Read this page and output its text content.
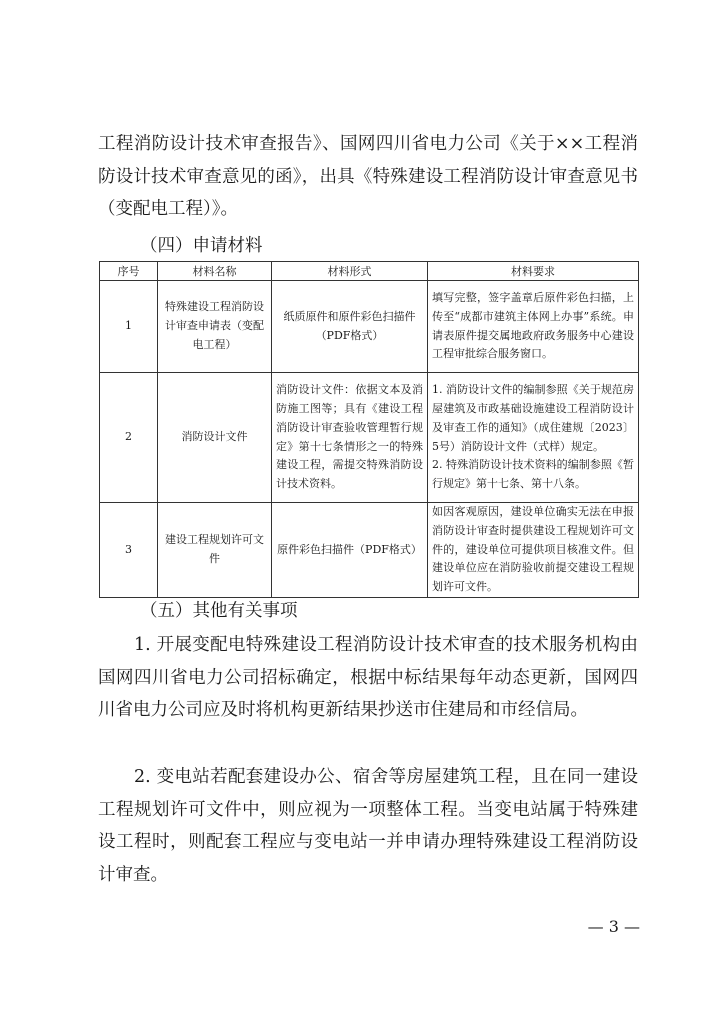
工程消防设计技术审查报告》、国网四川省电力公司《关于××工程消防设计技术审查意见的函》，出具《特殊建设工程消防设计审查意见书（变配电工程）》。

（四）申请材料

序号	材料名称	材料形式	材料要求
1	特殊建设工程消防设计审查申请表（变配电工程）	纸质原件和原件彩色扫描件（PDF格式）	填写完整，签字盖章后原件彩色扫描，上传至“成都市建筑主体网上办事”系统。申请表原件提交属地政府政务服务中心建设工程审批综合服务窗口。
2	消防设计文件	消防设计文件：依据文本及消防施工图等；具有《建设工程消防设计审查验收管理暂行规定》第十七条情形之一的特殊建设工程，需提交特殊消防设计技术资料。	1. 消防设计文件的编制参照《关于规范房屋建筑及市政基础设施建设工程消防设计及审查工作的通知》（成住建规〔2023〕5号）消防设计文件（式样）规定。
2. 特殊消防设计技术资料的编制参照《暂行规定》第十七条、第十八条。

3	建设工程规划许可文件	原件彩色扫描件（PDF格式）	如因客观原因，建设单位确实无法在申报消防设计审查时提供建设工程规划许可文件的，建设单位可提供项目核准文件。但建设单位应在消防验收前提交建设工程规划许可文件。

（五）其他有关事项

1. 开展变配电特殊建设工程消防设计技术审查的技术服务机构由国网四川省电力公司招标确定，根据中标结果每年动态更新，国网四川省电力公司应及时将机构更新结果抄送市住建局和市经信局。

2. 变电站若配套建设办公、宿舍等房屋建筑工程，且在同一建设工程规划许可文件中，则应视为一项整体工程。当变电站属于特殊建设工程时，则配套工程应与变电站一并申请办理特殊建设工程消防设计审查。

— 3 —
